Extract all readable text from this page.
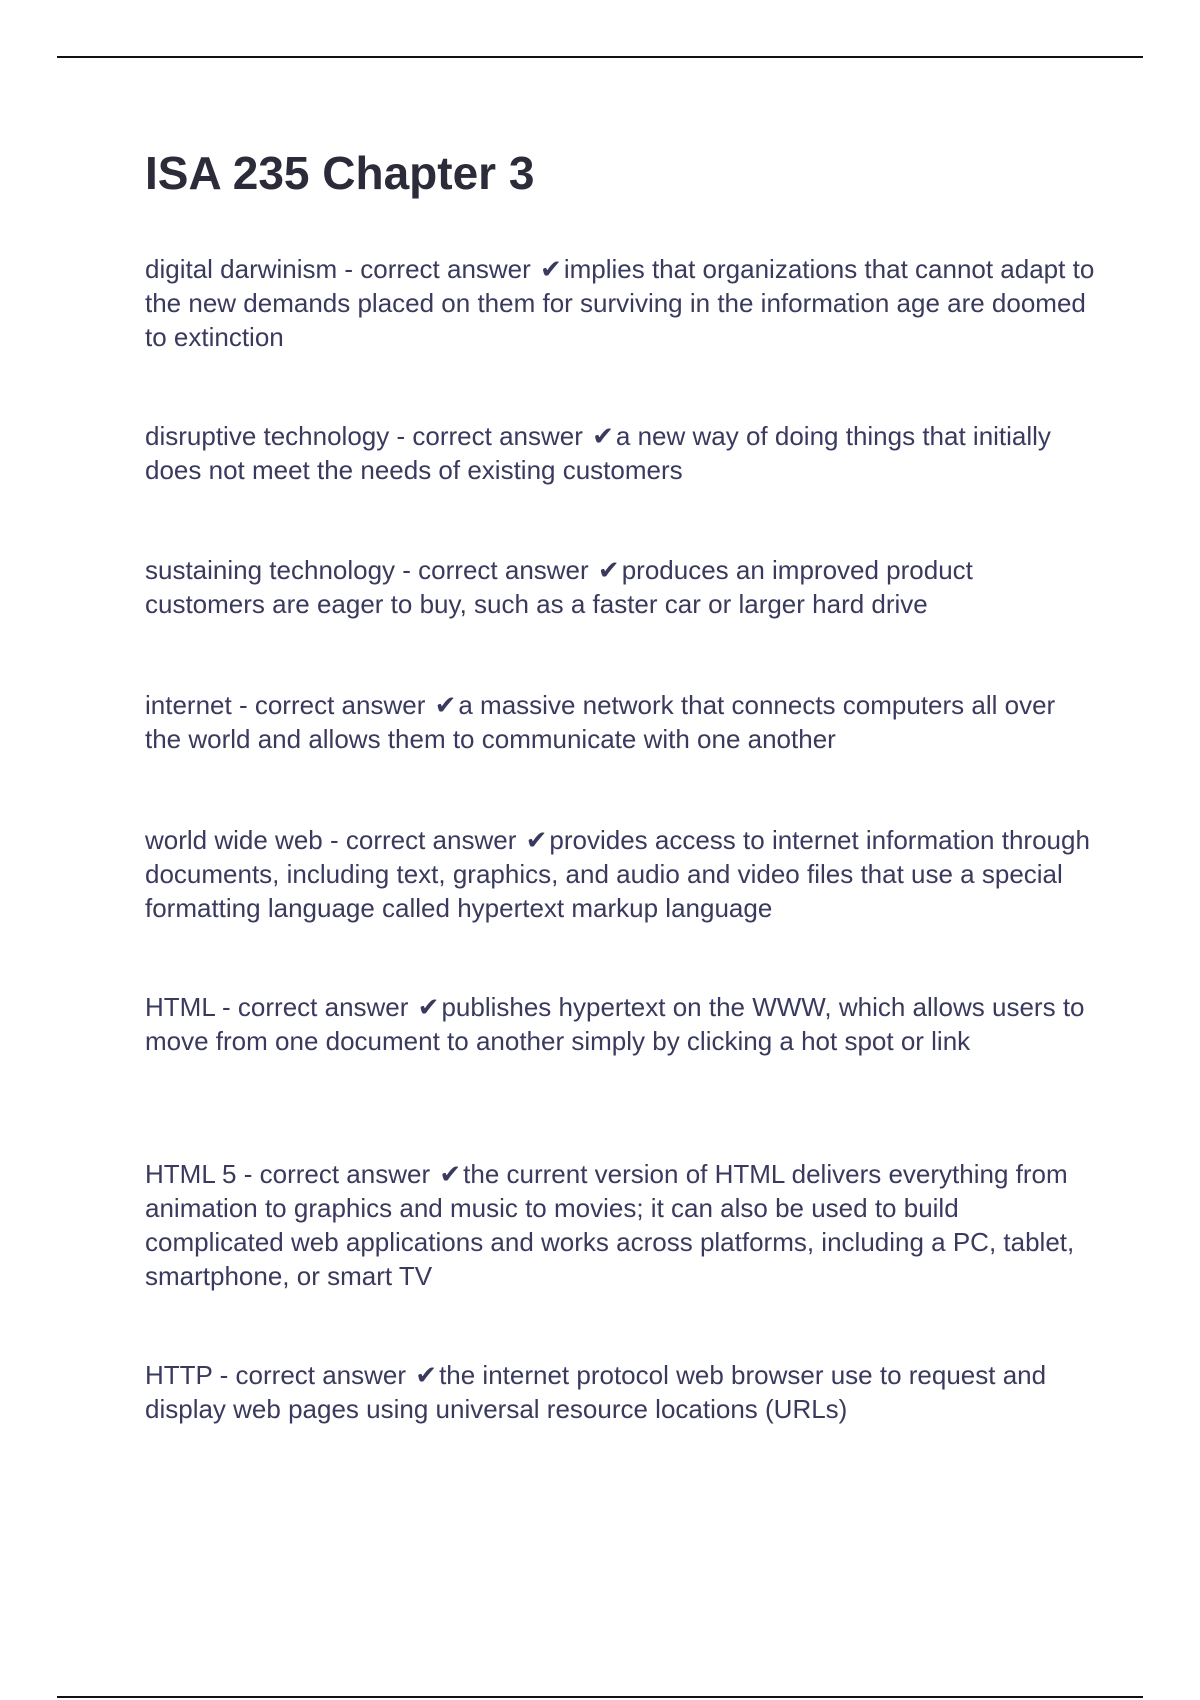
ISA 235 Chapter 3

digital darwinism - correct answer ✔implies that organizations that cannot adapt to the new demands placed on them for surviving in the information age are doomed to extinction

disruptive technology - correct answer ✔a new way of doing things that initially does not meet the needs of existing customers

sustaining technology - correct answer ✔produces an improved product customers are eager to buy, such as a faster car or larger hard drive

internet - correct answer ✔a massive network that connects computers all over the world and allows them to communicate with one another

world wide web - correct answer ✔provides access to internet information through documents, including text, graphics, and audio and video files that use a special formatting language called hypertext markup language

HTML - correct answer ✔publishes hypertext on the WWW, which allows users to move from one document to another simply by clicking a hot spot or link

HTML 5 - correct answer ✔the current version of HTML delivers everything from animation to graphics and music to movies; it can also be used to build complicated web applications and works across platforms, including a PC, tablet, smartphone, or smart TV

HTTP - correct answer ✔the internet protocol web browser use to request and display web pages using universal resource locations (URLs)
